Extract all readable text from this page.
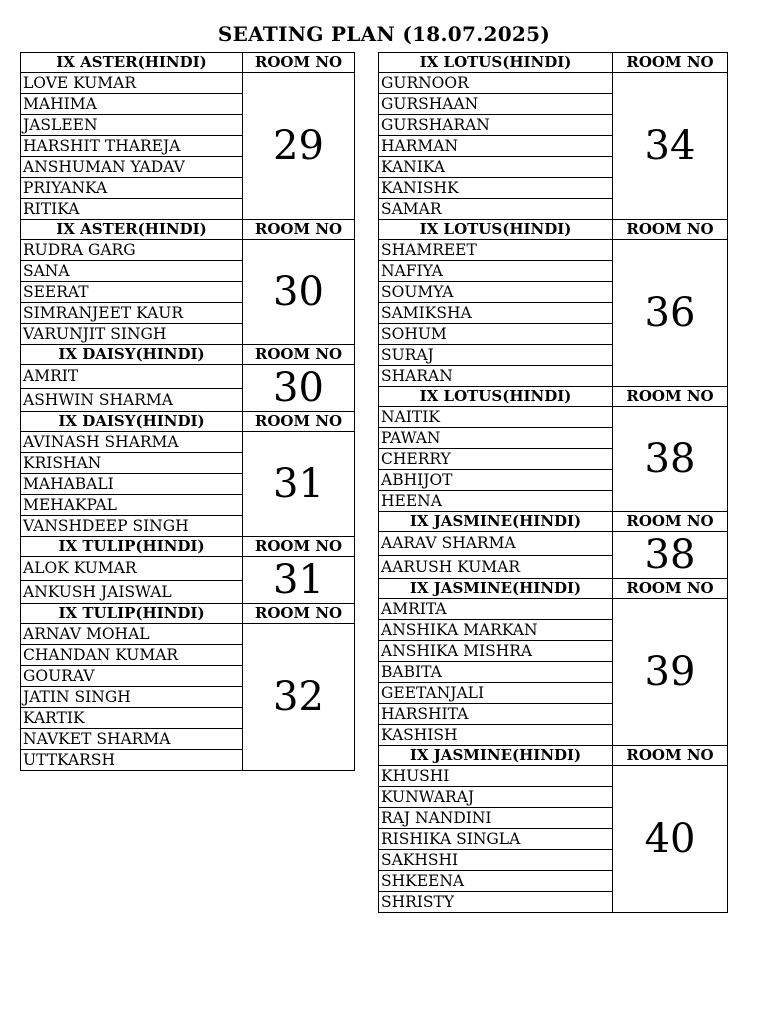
SEATING PLAN (18.07.2025)
IX ASTER(HINDI)	ROOM NO
LOVE KUMAR	29
MAHIMA	
JASLEEN	
HARSHIT THAREJA	
ANSHUMAN YADAV	
PRIYANKA	
RITIKA	
IX ASTER(HINDI)	ROOM NO
RUDRA GARG	30
SANA	
SEERAT	
SIMRANJEET KAUR	
VARUNJIT SINGH	
IX DAISY(HINDI)	ROOM NO
AMRIT	30
ASHWIN SHARMA	
IX DAISY(HINDI)	ROOM NO
AVINASH SHARMA	31
KRISHAN	
MAHABALI	
MEHAKPAL	
VANSHDEEP SINGH	
IX TULIP(HINDI)	ROOM NO
ALOK KUMAR	31
ANKUSH JAISWAL	
IX TULIP(HINDI)	ROOM NO
ARNAV MOHAL	32
CHANDAN KUMAR	
GOURAV	
JATIN SINGH	
KARTIK	
NAVKET SHARMA	
UTTKARSH	
IX LOTUS(HINDI)	ROOM NO
GURNOOR	34
GURSHAAN	
GURSHARAN	
HARMAN	
KANIKA	
KANISHK	
SAMAR	
IX LOTUS(HINDI)	ROOM NO
SHAMREET	36
NAFIYA	
SOUMYA	
SAMIKSHA	
SOHUM	
SURAJ	
SHARAN	
IX LOTUS(HINDI)	ROOM NO
NAITIK	38
PAWAN	
CHERRY	
ABHIJOT	
HEENA	
IX JASMINE(HINDI)	ROOM NO
AARAV SHARMA	38
AARUSH KUMAR	
IX JASMINE(HINDI)	ROOM NO
AMRITA	39
ANSHIKA MARKAN	
ANSHIKA MISHRA	
BABITA	
GEETANJALI	
HARSHITA	
KASHISH	
IX JASMINE(HINDI)	ROOM NO
KHUSHI	40
KUNWARAJ	
RAJ NANDINI	
RISHIKA SINGLA	
SAKHSHI	
SHKEENA	
SHRISTY	
